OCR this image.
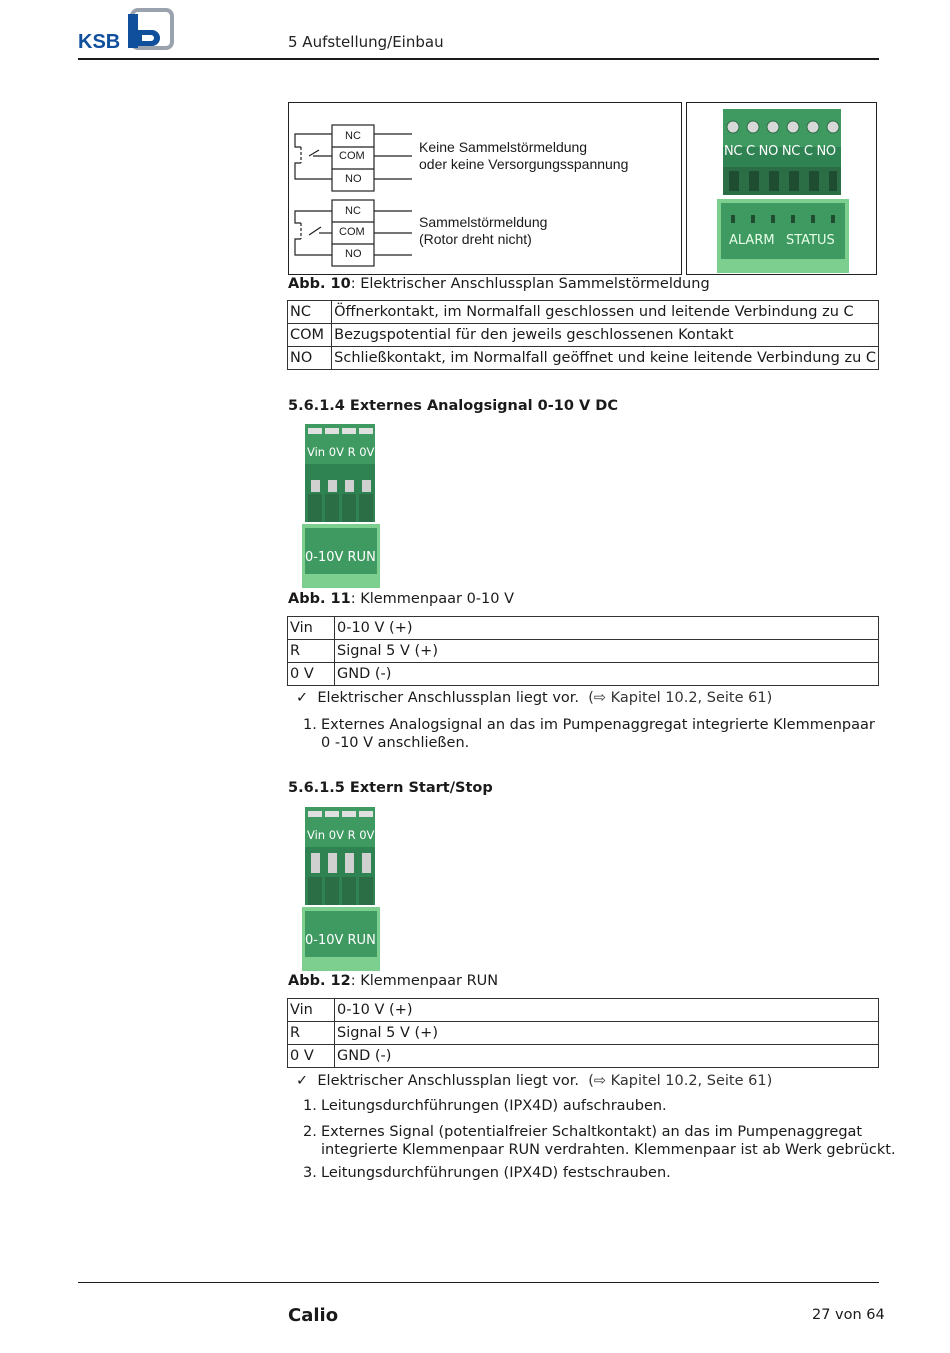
KSB	5 Aufstellung/Einbau
NC
COM
NO
Keine Sammelstörmeldung
oder keine Versorgungsspannung
NC
COM
NO
Sammelstörmeldung
(Rotor dreht nicht)
NC C NO NC C NO
ALARM STATUS
Abb. 10: Elektrischer Anschlussplan Sammelstörmeldung
NC	Öffnerkontakt, im Normalfall geschlossen und leitende Verbindung zu C
COM	Bezugspotential für den jeweils geschlossenen Kontakt
NO	Schließkontakt, im Normalfall geöffnet und keine leitende Verbindung zu C
5.6.1.4 Externes Analogsignal 0-10 V DC
Vin 0V R 0V
0-10V RUN
Abb. 11: Klemmenpaar 0-10 V
Vin	0-10 V (+)
R	Signal 5 V (+)
0 V	GND (-)
✓ Elektrischer Anschlussplan liegt vor. (⇨ Kapitel 10.2, Seite 61)
1. Externes Analogsignal an das im Pumpenaggregat integrierte Klemmenpaar
0 -10 V anschließen.
5.6.1.5 Extern Start/Stop
Vin 0V R 0V
0-10V RUN
Abb. 12: Klemmenpaar RUN
Vin	0-10 V (+)
R	Signal 5 V (+)
0 V	GND (-)
✓ Elektrischer Anschlussplan liegt vor. (⇨ Kapitel 10.2, Seite 61)
1. Leitungsdurchführungen (IPX4D) aufschrauben.
2. Externes Signal (potentialfreier Schaltkontakt) an das im Pumpenaggregat
integrierte Klemmenpaar RUN verdrahten. Klemmenpaar ist ab Werk gebrückt.
3. Leitungsdurchführungen (IPX4D) festschrauben.
Calio	27 von 64
